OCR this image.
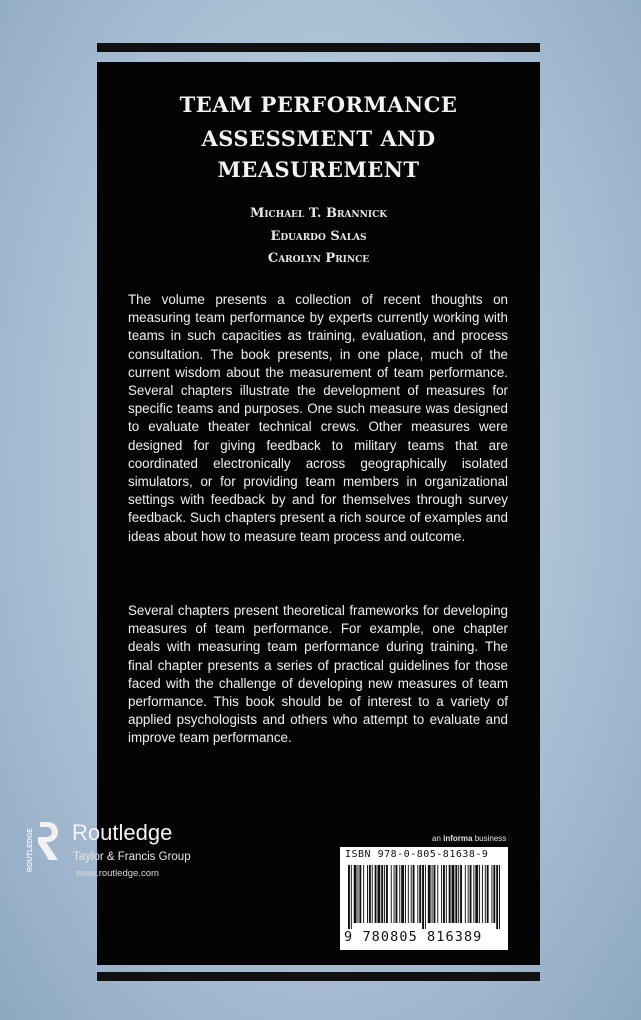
TEAM PERFORMANCE
ASSESSMENT AND
MEASUREMENT
Michael T. Brannick
Eduardo Salas
Carolyn Prince

The volume presents a collection of recent thoughts on measuring team performance by experts currently working with teams in such capacities as training, evaluation, and process consultation. The book presents, in one place, much of the current wisdom about the measurement of team performance. Several chapters illustrate the development of measures for specific teams and purposes. One such measure was designed to evaluate theater technical crews. Other measures were designed for giving feedback to military teams that are coordinated electronically across geographically isolated simulators, or for providing team members in organizational settings with feedback by and for themselves through survey feedback. Such chapters present a rich source of examples and ideas about how to measure team process and outcome.

Several chapters present theoretical frameworks for developing measures of team performance. For example, one chapter deals with measuring team performance during training. The final chapter presents a series of practical guidelines for those faced with the challenge of developing new measures of team performance. This book should be of interest to a variety of applied psychologists and others who attempt to evaluate and improve team performance.

an informa business
ISBN 978-0-805-81638-9
9 780805 816389
ROUTLEDGE Routledge
Taylor & Francis Group
www.routledge.com
